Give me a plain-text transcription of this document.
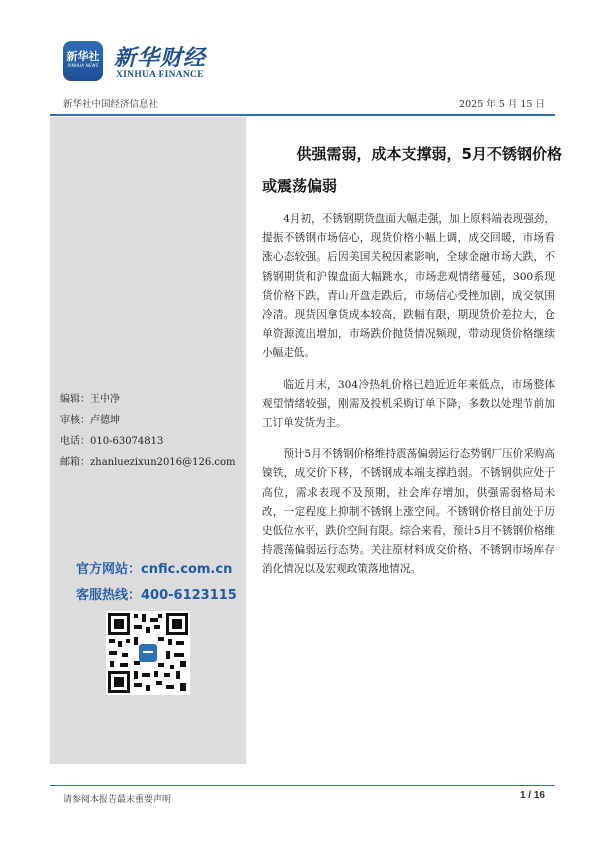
新华社
XINHUA NEWS 新华财经
XINHUA FINANCE
新华社中国经济信息社	2025 年 5 月 15 日
编辑：王中净
审核：卢德坤
电话：010-63074813
邮箱：zhanluezixun2016@126.com
官方网站：cnfic.com.cn
客服热线：400-6123115
供强需弱，成本支撑弱，5月不锈钢价格
或震荡偏弱

4月初，不锈钢期货盘面大幅走强，加上原料端表现强劲，提振不锈钢市场信心，现货价格小幅上调，成交回暖，市场看涨心态较强。后因美国关税因素影响，全球金融市场大跌，不锈钢期货和沪镍盘面大幅跳水，市场悲观情绪蔓延，300系现货价格下跌，青山开盘走跌后，市场信心受挫加剧，成交氛围冷清。现货因拿货成本较高，跌幅有限，期现货价差拉大，仓单资源流出增加，市场跌价抛货情况频现，带动现货价格继续小幅走低。

临近月末，304冷热轧价格已趋近近年来低点，市场整体观望情绪较强，刚需及投机采购订单下降，多数以处理节前加工订单发货为主。

预计5月不锈钢价格维持震荡偏弱运行态势钢厂压价采购高镍铁，成交价下移，不锈钢成本端支撑趋弱。不锈钢供应处于高位，需求表现不及预期，社会库存增加，供强需弱格局未改，一定程度上抑制不锈钢上涨空间。不锈钢价格目前处于历史低位水平，跌价空间有限。综合来看，预计5月不锈钢价格维持震荡偏弱运行态势。关注原材料成交价格、不锈钢市场库存消化情况以及宏观政策落地情况。

请参阅本报告最末重要声明	1 / 16
